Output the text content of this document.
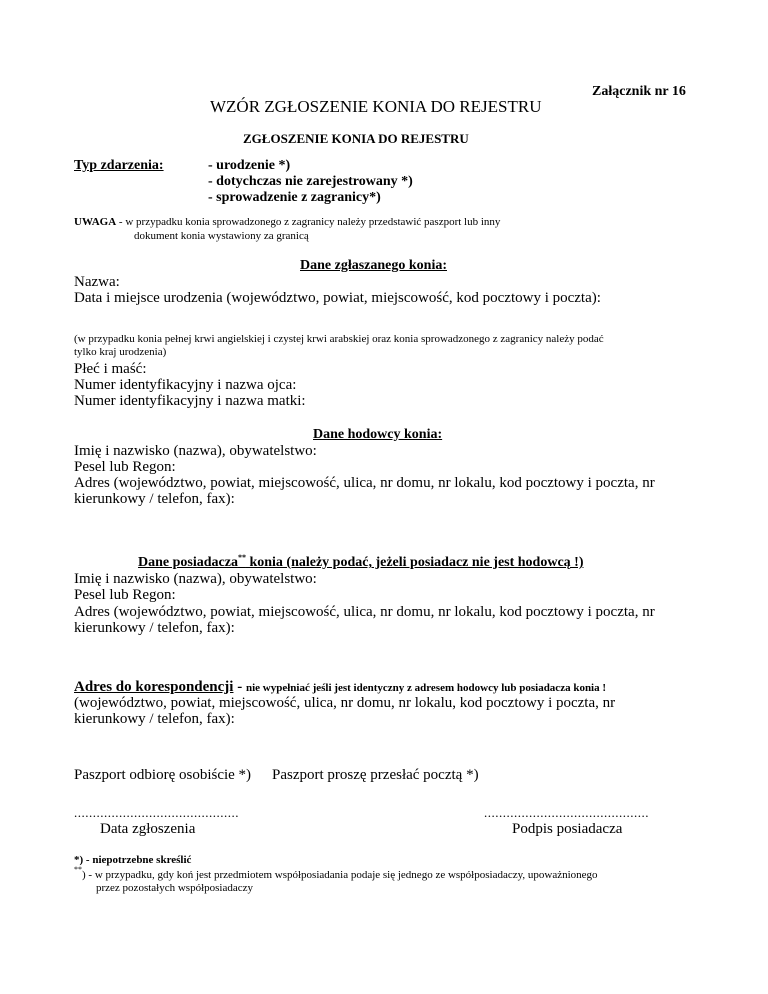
Załącznik nr 16
WZÓR ZGŁOSZENIE KONIA DO REJESTRU
ZGŁOSZENIE KONIA DO REJESTRU
Typ zdarzenia:	- urodzenie *)
- dotychczas nie zarejestrowany *)
- sprowadzenie z zagranicy*)
UWAGA - w przypadku konia sprowadzonego z zagranicy należy przedstawić paszport lub inny
dokument konia wystawiony za granicą
Dane zgłaszanego konia:
Nazwa:
Data i miejsce urodzenia (województwo, powiat, miejscowość, kod pocztowy i poczta):
(w przypadku konia pełnej krwi angielskiej i czystej krwi arabskiej oraz konia sprowadzonego z zagranicy należy podać
tylko kraj urodzenia)
Płeć i maść:
Numer identyfikacyjny i nazwa ojca:
Numer identyfikacyjny i nazwa matki:
Dane hodowcy konia:
Imię i nazwisko (nazwa), obywatelstwo:
Pesel lub Regon:
Adres (województwo, powiat, miejscowość, ulica, nr domu, nr lokalu, kod pocztowy i poczta, nr
kierunkowy / telefon, fax):
Dane posiadacza** konia (należy podać, jeżeli posiadacz nie jest hodowcą !)
Imię i nazwisko (nazwa), obywatelstwo:
Pesel lub Regon:
Adres (województwo, powiat, miejscowość, ulica, nr domu, nr lokalu, kod pocztowy i poczta, nr
kierunkowy / telefon, fax):
Adres do korespondencji - nie wypełniać jeśli jest identyczny z adresem hodowcy lub posiadacza konia !
(województwo, powiat, miejscowość, ulica, nr domu, nr lokalu, kod pocztowy i poczta, nr
kierunkowy / telefon, fax):
Paszport odbiorę osobiście *) Paszport proszę przesłać pocztą *)
............................................
Data zgłoszenia
............................................
Podpis posiadacza
*) - niepotrzebne skreślić
**) - w przypadku, gdy koń jest przedmiotem współposiadania podaje się jednego ze współposiadaczy, upoważnionego
przez pozostałych współposiadaczy
